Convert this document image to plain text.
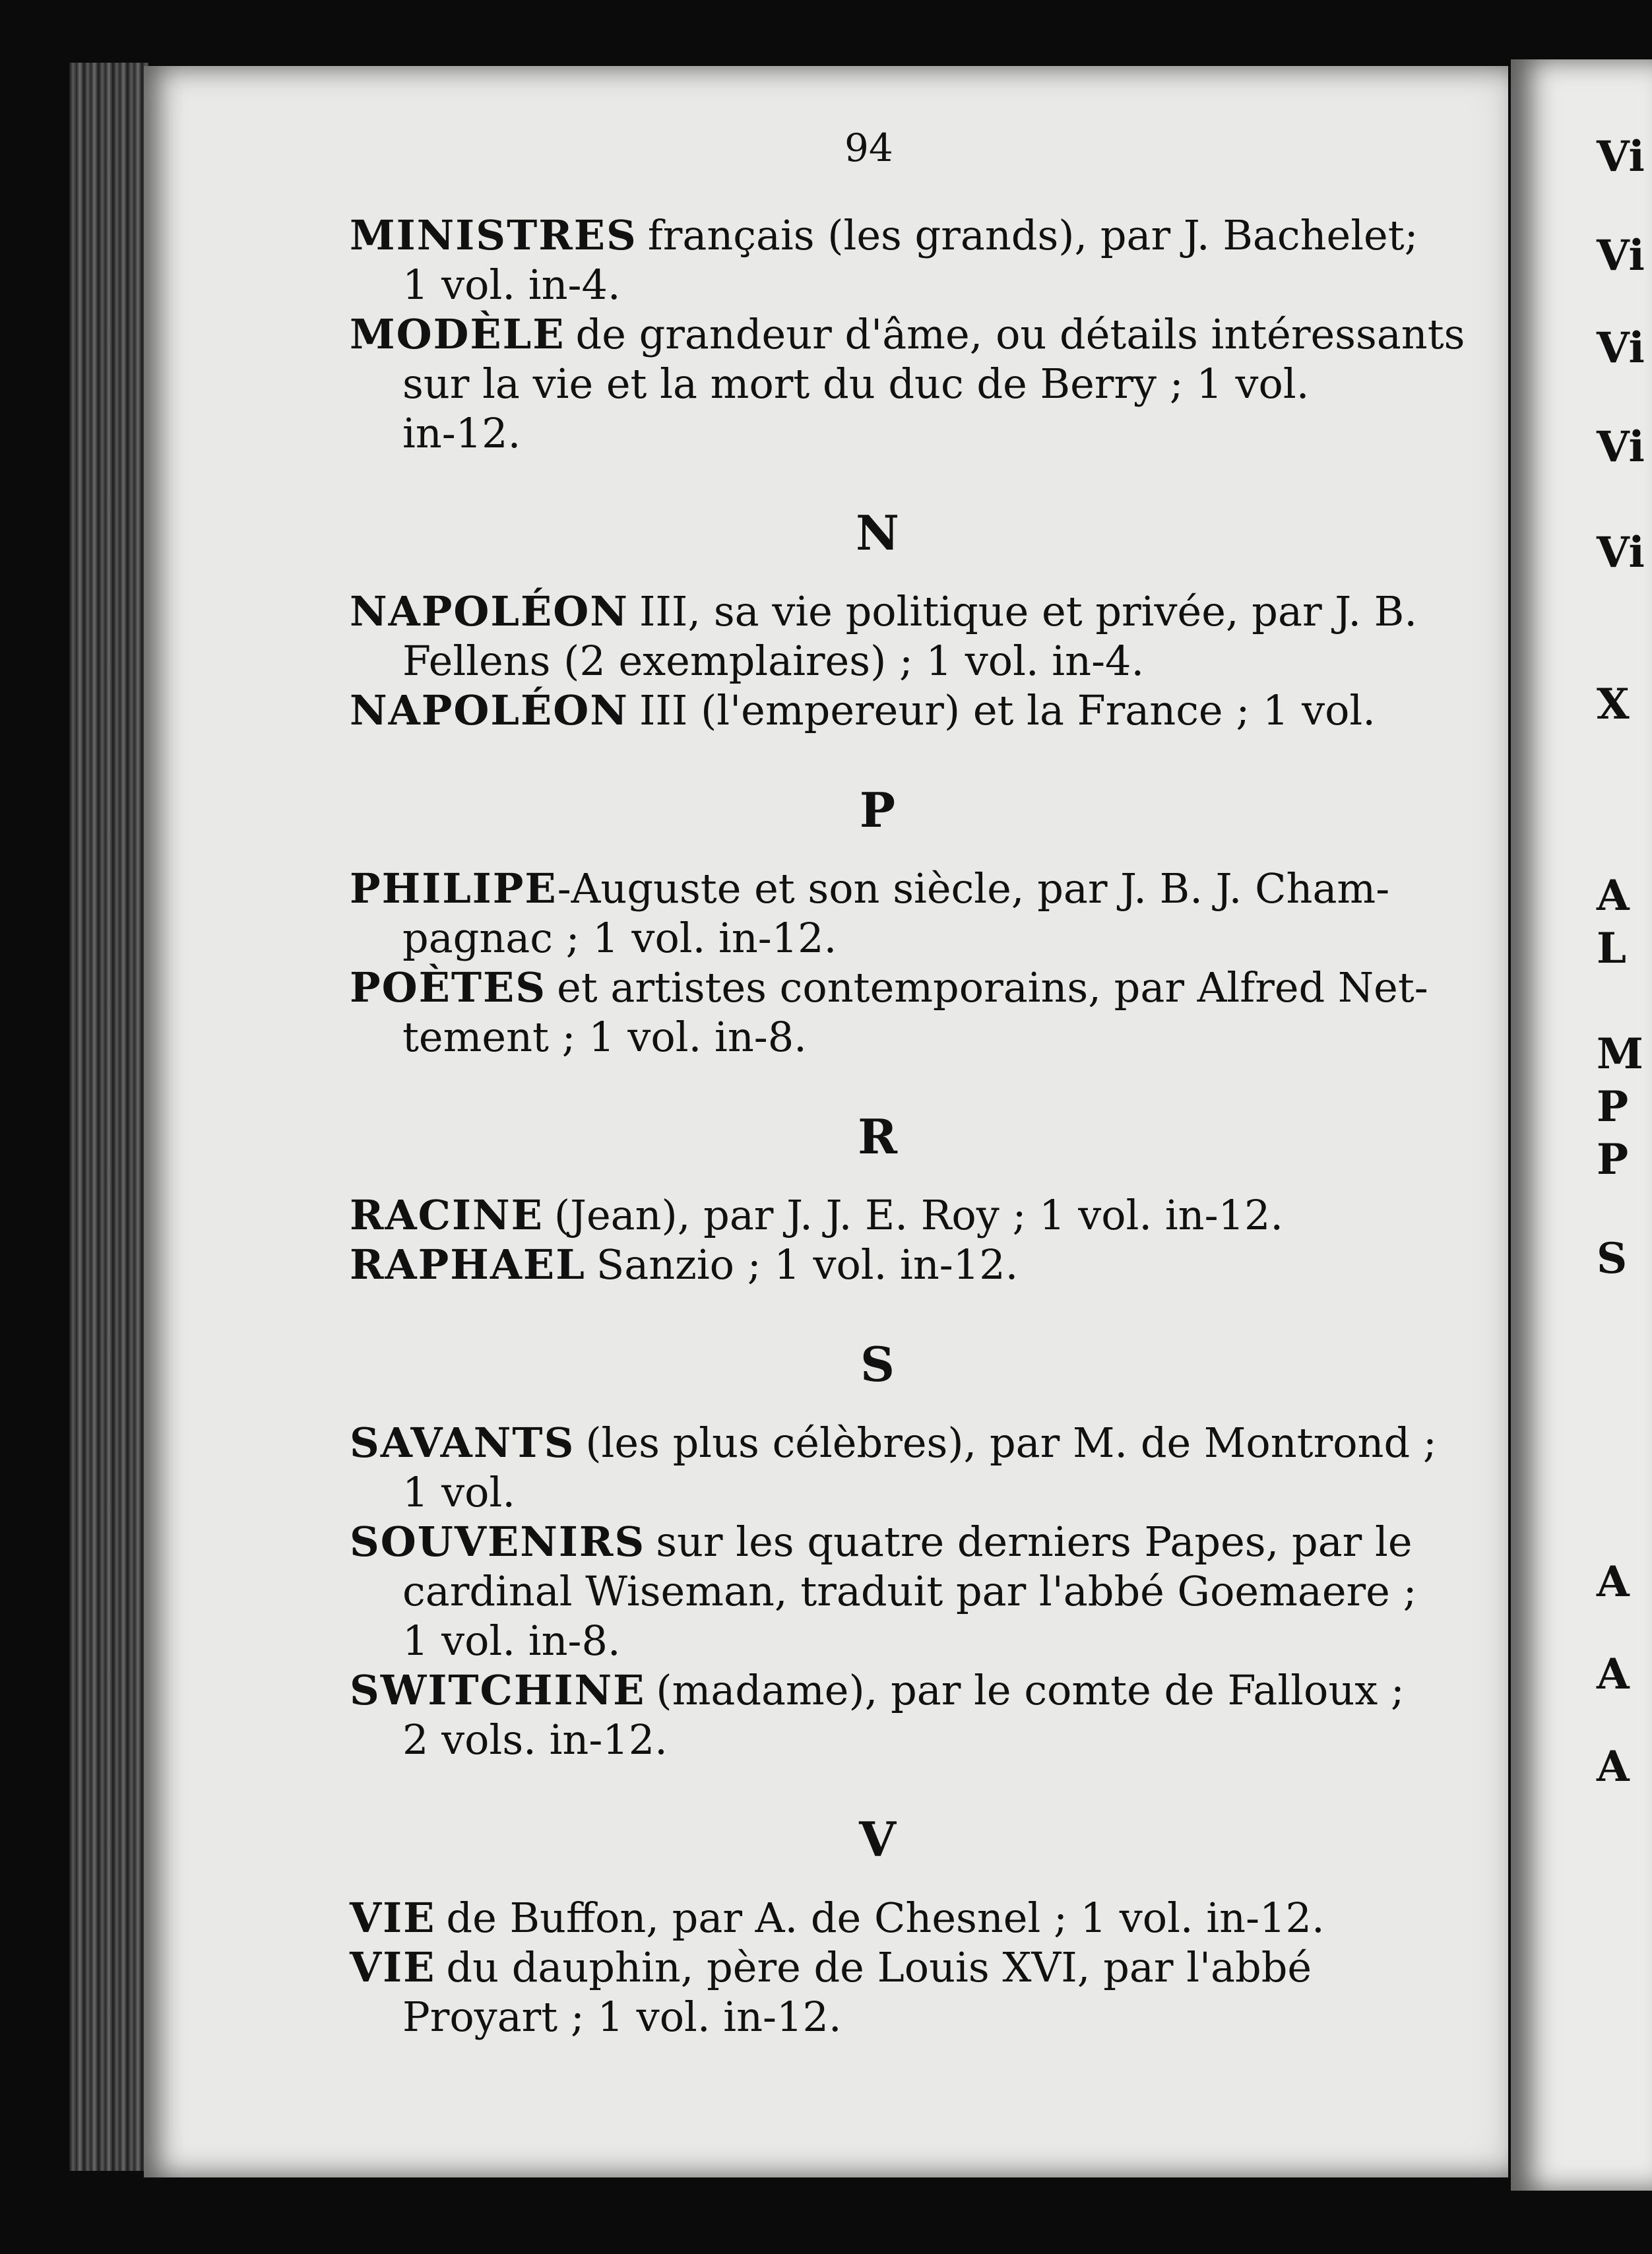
Vi
Vi
Vi
Vi
Vi
X
A
L
M
P
P
S
A
A
A
94
MINISTRES français (les grands), par J. Bachelet;
1 vol. in-4.
MODÈLE de grandeur d'âme, ou détails intéressants
sur la vie et la mort du duc de Berry ; 1 vol.
in-12.
N
NAPOLÉON III, sa vie politique et privée, par J. B.
Fellens (2 exemplaires) ; 1 vol. in-4.
NAPOLÉON III (l'empereur) et la France ; 1 vol.
P
PHILIPE-Auguste et son siècle, par J. B. J. Cham-
pagnac ; 1 vol. in-12.
POÈTES et artistes contemporains, par Alfred Net-
tement ; 1 vol. in-8.
R
RACINE (Jean), par J. J. E. Roy ; 1 vol. in-12.
RAPHAEL Sanzio ; 1 vol. in-12.
S
SAVANTS (les plus célèbres), par M. de Montrond ;
1 vol.
SOUVENIRS sur les quatre derniers Papes, par le
cardinal Wiseman, traduit par l'abbé Goemaere ;
1 vol. in-8.
SWITCHINE (madame), par le comte de Falloux ;
2 vols. in-12.
V
VIE de Buffon, par A. de Chesnel ; 1 vol. in-12.
VIE du dauphin, père de Louis XVI, par l'abbé
Proyart ; 1 vol. in-12.
